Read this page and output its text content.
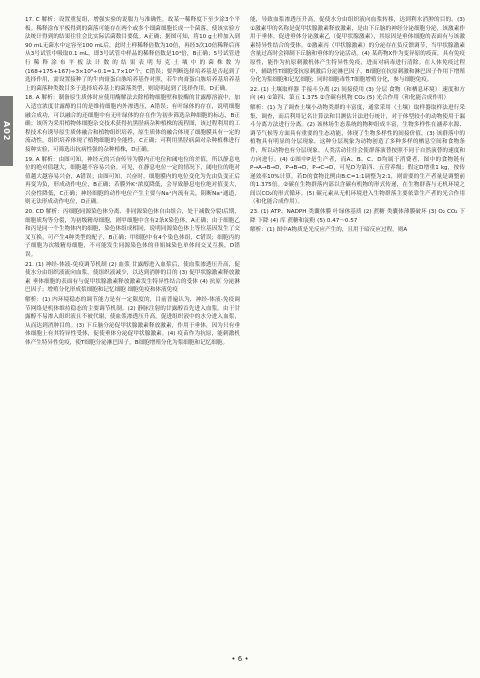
A02

17. C 解析：设置重复组，增强实验的说服力与准确性，故某一稀释度下至少涂3个平板。稀释涂布平板得到的菌落可能存在两个或多个细菌细胞长成一个菌落，使该实验方法统计得到的结果往往会比实际活菌数目要低。A正确；据图可知，将10 g土样加入到90 mL无菌水中定容至100 mL后，此时土样稀释倍数为10倍，再经3次10倍稀释后再从3号试管中吸取0.1 mL，即3号试管中样品的稀释倍数是10⁴倍，B正确；5号试管进行稀释涂布平板法计数的结果表明每克土壤中的菌株数为(168+175+167)÷3×10⁶÷0.1=1.7×10⁹个，C错误；要判断选择培养基是否起到了选择作用，需设置接种了的牛肉膏蛋白胨培养基作对照，若牛肉膏蛋白胨培养基培养基上的菌落种类数目多于选择培养基上的菌落类型，则说明起到了选择作用，D正确。

18. A 解析：制备原生质体时应使用酶解法去除植物细胞壁和胶酶的甘露醇溶液中，加入适宜浓度甘露醇的目的是维持细胞内外渗透压，A错误；有叶绿体的存在，说明细胞融合成功，可以融合的还细胞中有无叶绿体的存在作为初步筛选杂种细胞的标志，B正确；该所为采用植物体细胞杂交技术获得抗黑胫病杂种植株的流程图，该过程利用的工程技术有诱导原生质体融合和植物组织培养，原生质体的融合体现了细胞膜具有一定的流动性，组织培养体现了植物细胞的全能性，C正确；可利用黑胫病菌对杂种植株进行接种实验，可筛选出抗病性强的杂种植株，D正确。

19. A 解析：由图可知，神经元的兴奋传导为膜内正电位和阈电位的差值，所以静息电位的绝对值越大，细胞越不容易兴奋。可见，在静息电位一定的情况下，阈电位的绝对值越大越容易兴奋，A错误；由图可知，兴奋时，细胞膜内的电位变化为先由负变正后再变为负，形成动作电位，B正确；若膜外K⁺浓度降低，会导致静息电位绝对值变大，兴奋性降低，C正确；神经细胞的动作电位产生主要与Na⁺内流有关，阻断Na⁺通道，则无法形成动作电位，D正确。

20. CD 解析：丙细胞同源染色体分离、非同源染色体自由组合，处于减数分裂Ⅰ后期，细胞质均等分裂，为初级精母细胞，则甲细胞中含有2条X染色体，A正确；由于细胞乙和丙是同一个生物体内的细胞，染色体组成相同，说明同源染色体上等位基因发生了交叉互换，可产生4种类型的配子，B正确；甲细胞中有4个染色体组，C错误；细胞丙的子细胞为次级精母细胞，不可能发生同源染色体的非姐妹染色单体间交叉互换，D错误。

21. (1) 神经-体液-免疫调节机制 (2) 血浆 甘露醇进入血浆后，使血浆渗透压升高，促使水分由组织液流向血浆，使组织液减少，以达到消肿的目的 (3) 促甲状腺激素释放激素 垂体细胞的表面有与促甲状腺激素释放激素发生特异性结合的受体 (4) 抗原 分泌淋巴因子；增殖分化形成浆细胞和记忆细胞 细胞免疫和体液免疫

解析：(1) 内环境稳态的调节能力是有一定限度的，目前普遍认为，神经-体液-免疫调节网络是机体维持稳态的主要调节机制。(2) 静脉注射的甘露醇首先进入血浆。由于甘露醇不易渗入组织液且不被代谢，使血浆渗透压升高，促进组织液中的水分进入血浆，从而达到消肿目的。(3) 下丘脑分泌促甲状腺激素释放激素，作用于垂体，因为只有垂体细胞上有其特异性受体，促使垂体分泌促甲状腺激素。(4) 疫苗作为抗原，能刺激机体产生特异性免疫，使T细胞分泌淋巴因子，B细胞增殖分化为浆细胞和记忆细胞。

能，导致血浆渗透压升高，促使水分由组织液向血浆转移，达到利水消肿的目的。(3) ①激素甲的名称是促甲状腺激素释放激素，是由下丘脑的神经分泌细胞分泌，该激素作用于垂体，促进垂体分泌激素乙（促甲状腺激素），其原因是垂体细胞的表面有与该激素特异性结合的受体。②激素丙（甲状腺激素）的分泌存在负反馈调节，当甲状腺激素含量过高时会抑制下丘脑和垂体的分泌活动。(4) 某药物X作为变异原的疫苗，具有免疫原性，能作为抗原刺激机体产生特异性免疫，进而对病毒进行清除。在人体免疫过程中，辅助性T细胞受抗原刺激后分泌淋巴因子，B细胞在抗原刺激和淋巴因子作用下增殖分化为浆细胞和记忆细胞；同时细胞毒性T细胞增殖分化，参与细胞免疫。

22. (1) 土壤取样器 手接斗分离 (2) 间接使用 (3) 分层 食物（和栖息环境） 速度和方向 (4) ①第四、第五 1.375 ②含碳有机物 CO₂ (5) 光合作用（和化能合成作用）

解析：(1) 为了调查土壤小动物类群的丰富度，通常采用（土壤）取样器取样法进行采集、调查，而后利用记名计算法和目测估计法进行统计，对于体型较小的动物使用于漏斗分离方法进行分离。(2) 该林场生态系统的物种组成丰富，生物多样性在涵养水源、调节气候等方面具有重要的生态功能，体现了生物多样性的间接价值。(3) 该群落中的植物具有明显的分层现象，这种分层现象为动物创造了多种多样的栖息空间和食物条件，所以动物也有分层现象。人类活动往往会使群落演替按照不同于自然演替的速度和方向进行。(4) ①图中P是生产者，而A、B、C、D均属于消费者，图中的食物链有P→A→B→D，P→B→D，P→C→D，可见D为第四、五营养级；假定D增重1 kg，按传递效率10%计算，若D的食物比例由B:C=1:1调整为2:1，则需要的生产者量是调整前的1.375倍。②碳在生物群落内部以含碳有机物的形式传递，在生物群落与无机环境之间以CO₂的形式循环。(5) 碳元素从无机环境进入生物群落主要依靠生产者的光合作用（和化能合成作用）。

23. (1) ATP、NADPH 类囊体膜 叶绿体基质 (2) 蔗糖 类囊体薄膜破坏 (3) O₂ CO₂ 下降 下降 (4) 库 蔗糖和淀粉 (5) 0.47～0.57

解析：(1) 图中A物质是光反应产生的，且用于暗反应过程，则A

• 6 •
